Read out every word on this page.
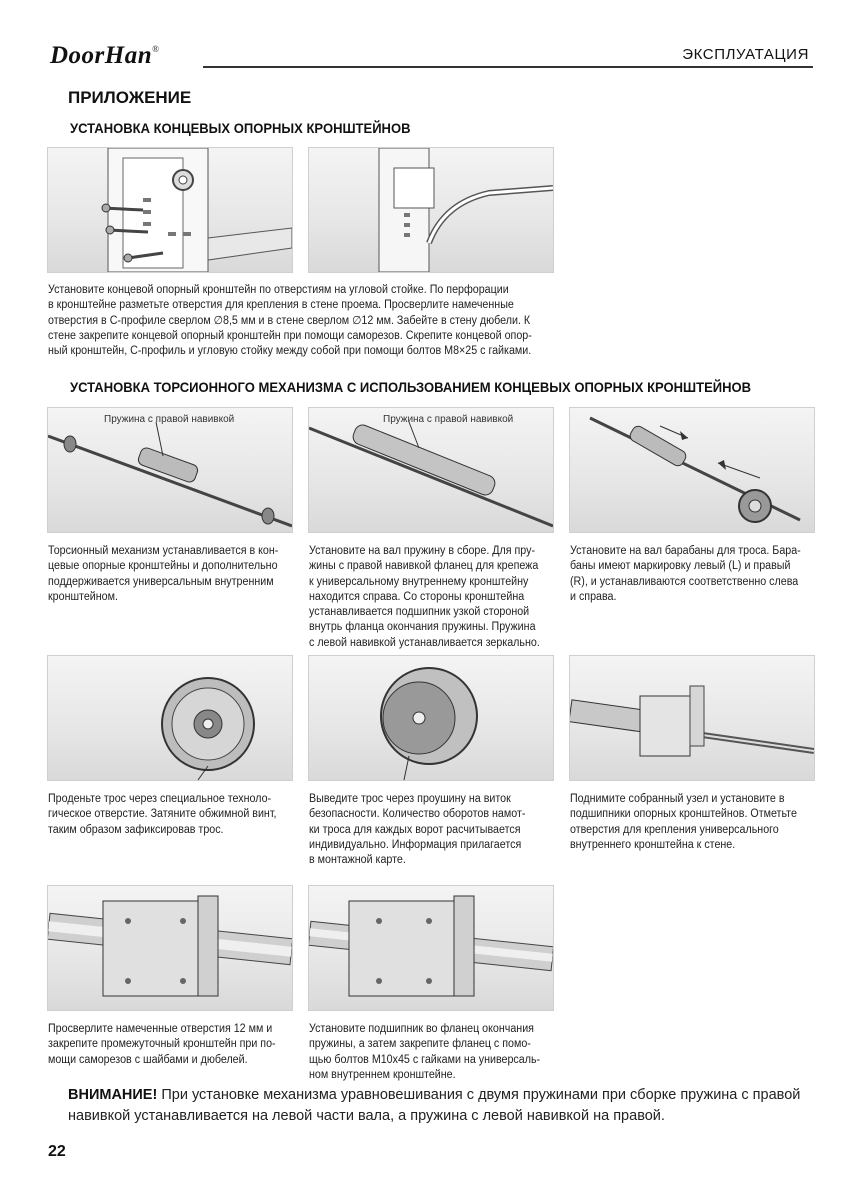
DoorHan®	ЭКСПЛУАТАЦИЯ
ПРИЛОЖЕНИЕ
УСТАНОВКА КОНЦЕВЫХ ОПОРНЫХ КРОНШТЕЙНОВ
Установите концевой опорный кронштейн по отверстиям на угловой стойке. По перфорации
в кронштейне разметьте отверстия для крепления в стене проема. Просверлите намеченные
отверстия в С-профиле сверлом ∅8,5 мм и в стене сверлом ∅12 мм. Забейте в стену дюбели. К
стене закрепите концевой опорный кронштейн при помощи саморезов. Скрепите концевой опор-
ный кронштейн, С-профиль и угловую стойку между собой при помощи болтов М8×25 с гайками.
УСТАНОВКА ТОРСИОННОГО МЕХАНИЗМА С ИСПОЛЬЗОВАНИЕМ КОНЦЕВЫХ ОПОРНЫХ КРОНШТЕЙНОВ
Пружина с правой навивкой	Пружина с правой навивкой
Торсионный механизм устанавливается в кон-
цевые опорные кронштейны и дополнительно
поддерживается универсальным внутренним
кронштейном.
Установите на вал пружину в сборе. Для пру-
жины с правой навивкой фланец для крепежа
к универсальному внутреннему кронштейну
находится справа. Со стороны кронштейна
устанавливается подшипник узкой стороной
внутрь фланца окончания пружины. Пружина
с левой навивкой устанавливается зеркально.
Установите на вал барабаны для троса. Бара-
баны имеют маркировку левый (L) и правый
(R), и устанавливаются соответственно слева
и справа.
Проденьте трос через специальное техноло-
гическое отверстие. Затяните обжимной винт,
таким образом зафиксировав трос.
Выведите трос через проушину на виток
безопасности. Количество оборотов намот-
ки троса для каждых ворот расчитывается
индивидуально. Информация прилагается
в монтажной карте.
Поднимите собранный узел и установите в
подшипники опорных кронштейнов. Отметьте
отверстия для крепления универсального
внутреннего кронштейна к стене.
Просверлите намеченные отверстия 12 мм и
закрепите промежуточный кронштейн при по-
мощи саморезов с шайбами и дюбелей.
Установите подшипник во фланец окончания
пружины, а затем закрепите фланец с помо-
щью болтов М10х45 с гайками на универсаль-
ном внутреннем кронштейне.
ВНИМАНИЕ! При установке механизма уравновешивания с двумя пружинами при сборке пружина с правой навивкой устанавливается на левой части вала, а пружина с левой навивкой на правой.
22
